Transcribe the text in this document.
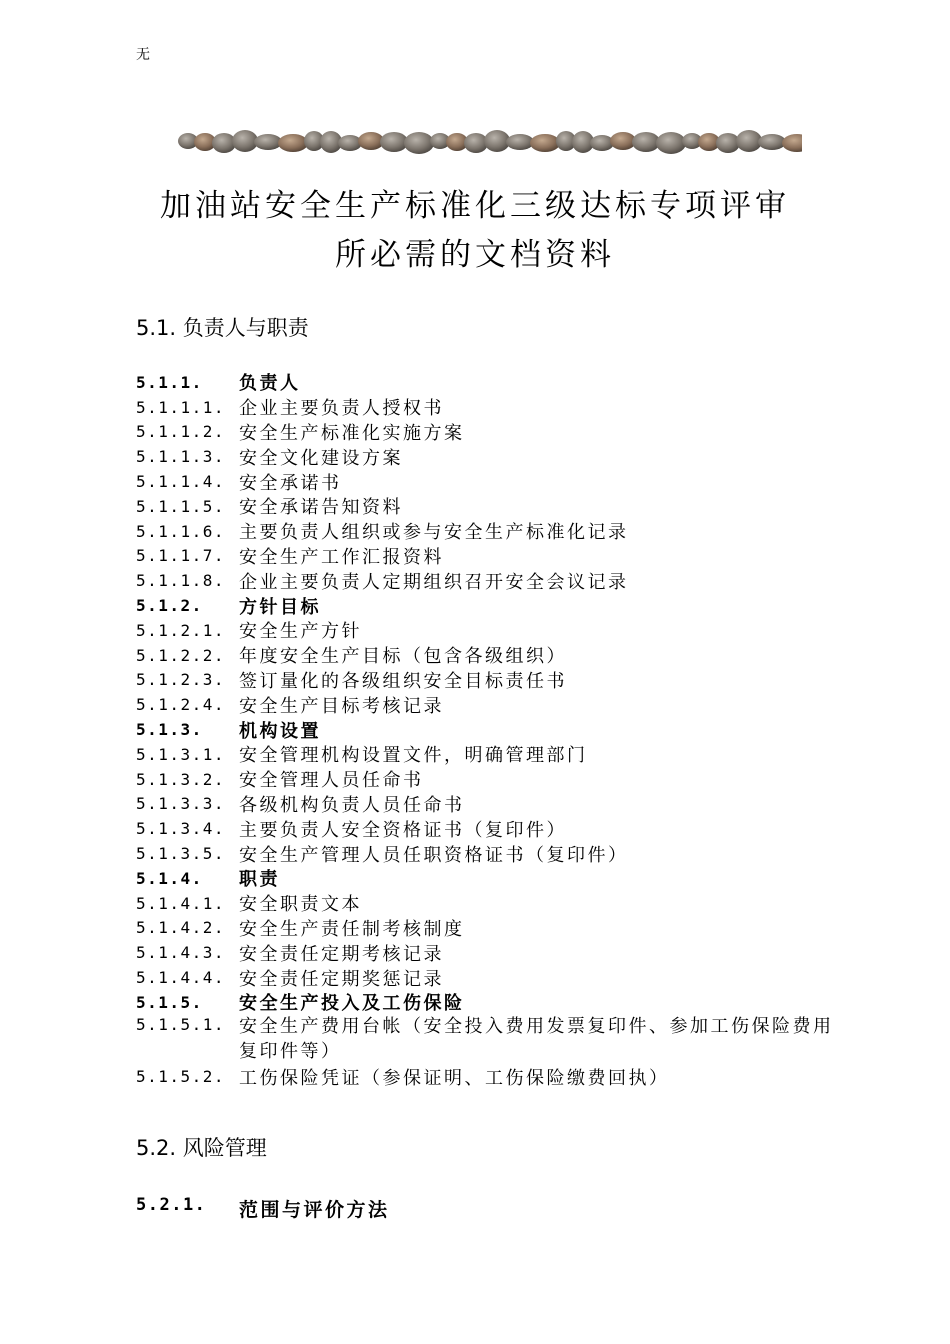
无
加油站安全生产标准化三级达标专项评审
所必需的文档资料
5.1. 负责人与职责
5.1.1.	负责人
5.1.1.1. 企业主要负责人授权书
5.1.1.2. 安全生产标准化实施方案
5.1.1.3. 安全文化建设方案
5.1.1.4. 安全承诺书
5.1.1.5. 安全承诺告知资料
5.1.1.6. 主要负责人组织或参与安全生产标准化记录
5.1.1.7. 安全生产工作汇报资料
5.1.1.8. 企业主要负责人定期组织召开安全会议记录
5.1.2.	方针目标
5.1.2.1. 安全生产方针
5.1.2.2. 年度安全生产目标（包含各级组织）
5.1.2.3. 签订量化的各级组织安全目标责任书
5.1.2.4. 安全生产目标考核记录
5.1.3.	机构设置
5.1.3.1. 安全管理机构设置文件，明确管理部门
5.1.3.2. 安全管理人员任命书
5.1.3.3. 各级机构负责人员任命书
5.1.3.4. 主要负责人安全资格证书（复印件）
5.1.3.5. 安全生产管理人员任职资格证书（复印件）
5.1.4.	职责
5.1.4.1. 安全职责文本
5.1.4.2. 安全生产责任制考核制度
5.1.4.3. 安全责任定期考核记录
5.1.4.4. 安全责任定期奖惩记录
5.1.5.	安全生产投入及工伤保险
5.1.5.1. 安全生产费用台帐（安全投入费用发票复印件、参加工伤保险费用复印件等）
5.1.5.2. 工伤保险凭证（参保证明、工伤保险缴费回执）
5.2. 风险管理
5.2.1.	范围与评价方法
